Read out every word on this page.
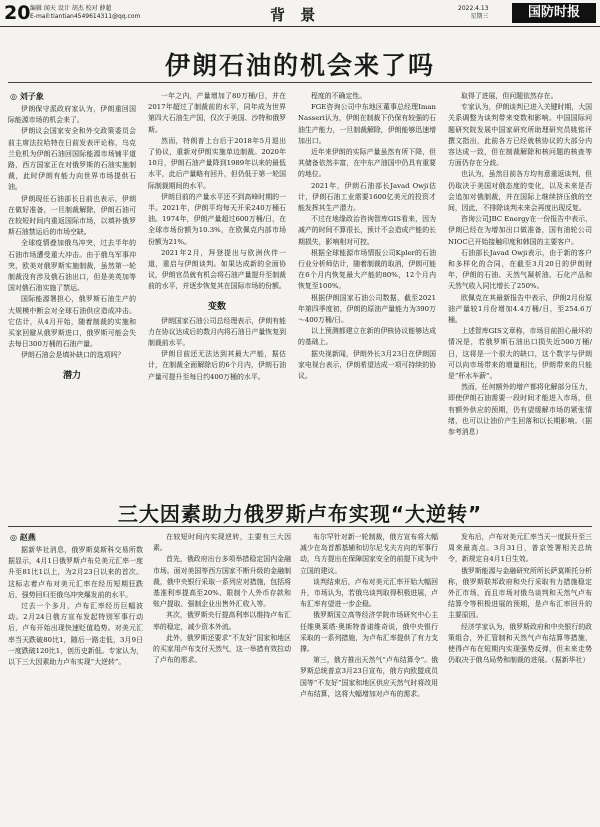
20 编辑 闻天 设计 胡杰 校对 薛超
E-mail:tiantian4549614311@qq.com	背 景	2022.4.13
星期三	国防时报
伊朗石油的机会来了吗
◎ 刘子象

伊朗保守派政府家认为，伊朗重回国际能源市场的机会来了。

伊朗议会国家安全和外交政策委员会前主席法拉哈特在日前发表评论称，乌克兰危机为伊朗石油回国际能源市场铺平道路，西方国家正在对俄罗斯的石油实施制裁，此时伊朗有能力向世界市场提供石油。

伊朗现任石油部长日前也表示，伊朗在做好准备，一旦制裁解除，伊朗石油可在较短时间内重返国际市场，以填补俄罗斯石油禁运后的市场空缺。

全球疫情叠加俄乌冲突，过去半年的石油市场遭受重大冲击。由于俄乌军事冲突，欧美对俄罗斯实施制裁，虽然第一轮制裁没有涉及俄石油出口，但是美英加等国对俄石油实施了禁运。

国际能源署担心，俄罗斯石油生产的大规模中断会对全球石油供应造成冲击。它估计，从4月开始，随着制裁的实施和买家回避从俄罗斯进口，俄罗斯可能会失去每日300万桶的石油产量。

伊朗石油会是填补缺口的选项吗？

潜力

一年之内，产量增加了80万桶/日，并在2017年超过了制裁前的水平，同年成为世界第四大石油生产国，仅次于美国、沙特和俄罗斯。

然而，特朗普上台后于2018年5月退出了协议，重新对伊朗实施单边制裁。2020年10月，伊朗石油产量降到1989年以来的最低水平，此后产量略有回升，但仍低于第一轮国际制裁期间的水平。

伊朗目前的产量水平还不到高峰时期的一半。2021年，伊朗平均每天开采240万桶石油。1974年，伊朗产量超过600万桶/日，在全球市场份额为10.3%，在欧佩克内部市场份额为21%。

2021年2月，拜登提出与欧洲伙伴一道，重启与伊朗谈判。如果达成新的全面协议，伊朗官员就有机会将石油产量提升至制裁前的水平，并逐步恢复其在国际市场的份额。

变数

伊朗国家石油公司总经理表示，伊朗有能力在协议达成后的数月内将石油日产量恢复到制裁前水平。

伊朗目前还无法达到其最大产能，据估计，在制裁全面解除后的6个月内，伊朗石油产量可提升至每日约400万桶的水平。

程度的不确定性。

FGE咨询公司中东地区董事总经理Iman Nasseri认为，伊朗在制裁下仍保有较强的石油生产能力，一旦制裁解除，伊朗能够迅速增加出口。

近年来伊朗的实际产量虽然有所下降，但其储备依然丰富，在中东产油国中仍具有重要的地位。

2021年，伊朗石油部长Javad Owji估计，伊朗石油工业需要1600亿美元的投资才能发挥其生产潜力。

不过在地缘政治咨询智库GIS看来，因为减产的时间不算很长，预计不会造成产能的长期损失，影响相对可控。

根据全球能源市场情报公司Kpler的石油行业分析师估计，随着制裁的取消，伊朗可能在6个月内恢复最大产能的80%，12个月内恢复至100%。

根据伊朗国家石油公司数据，截至2021年第四季度初，伊朗的原油产量能力为390万～400万桶/日。

以上预测都建立在新的伊核协议能够达成的基础上。

据央视新闻，伊朗外长3月23日在伊朗国家电视台表示，伊朗希望达成一项可持续的协议。

取得了进展，但问题依然存在。

专家认为，伊朗谈判已进入关键时期，大国关系调整为谈判带来变数和影响。中国国际问题研究院发展中国家研究所助理研究员姚铭评撰文指出，此前各方已经就核协议的大部分内容达成一致，但在制裁解除和核问题的核查等方面仍存在分歧。

也认为，虽然目前各方均有意重返谈判，但仍取决于美国对俄态度的变化，以及未来是否会追加对俄制裁，并在国际上继续挤压俄的空间，因此，不排除谈判未来会再度出现反复。

咨询公司JBC Energy在一份报告中表示，伊朗已经在为增加出口做准备，国有油轮公司NIOC已开始接触印度和韩国的主要客户。

石油部长Javad Owji表示，由于新的客户和多样化的合同，在截至3月20日的伊朗财年，伊朗的石油、天然气凝析油、石化产品和天然气收入同比增长了250%。

欧佩克在其最新报告中表示，伊朗2月份原油产量较1月份增加4.4万桶/日，至254.6万桶。

上述智库GIS文章称，市场目前担心最坏的情况是，若俄罗斯石油出口损失近500万桶/日，这将是一个很大的缺口，这个数字与伊朗可以向市场带来的增量相比，伊朗带来的只能是“杯水车薪”。

然而，任何额外的增产都将化解部分压力，即使伊朗石油需要一段时间才能进入市场，但有额外供应的预期，仍有望缓解市场的紧张情绪，也可以让油价产生回落和以长期影响。（据参考消息）

三大因素助力俄罗斯卢布实现“大逆转”
◎ 赵燕

据新华社消息，俄罗斯莫斯科交易所数据显示，4月1日俄罗斯卢布兑美元汇率一度升至81比1以上，为2月23日以来的首次。这标志着卢布对美元汇率在经历短期狂跌后，强势回归至俄乌冲突爆发前的水平。

过去一个多月，卢布汇率经历巨幅波动。2月24日俄方宣布发起特别军事行动后，卢布开始出现快速贬值趋势。对美元汇率当天跌破80比1，随后一路走低，3月9日一度跌破120比1，创历史新低。专家认为，以下三大因素助力卢布实现“大逆转”。

在较短时间内实现逆转，主要有三大因素。

首先，俄政府出台多项举措稳定国内金融市场。面对美国等西方国家不断升级的金融制裁，俄中央银行采取一系列应对措施，包括将基准利率提高至20%、限制个人外币存款和账户提取、强制企业出售外汇收入等。

其次，俄罗斯央行提高利率以维持卢布汇率的稳定，减少资本外流。

此外，俄罗斯还要求“不友好”国家和地区的买家用卢布支付天然气，这一举措有效拉动了卢布的需求。

布尔罕针对新一轮制裁，俄方宣布将大幅减少在岛首都基辅和切尔尼戈夫方向的军事行动，乌方提出在保障国家安全的前提下成为中立国的建议。

谈判结束后，卢布对美元汇率开始大幅回升，市场认为，若俄乌谈判取得积极进展，卢布汇率有望进一步企稳。

俄罗斯国立高等经济学院市场研究中心主任维奥莱塔·奥斯特普诺维奇说，俄中央银行采取的一系列措施，为卢布汇率提供了有力支撑。

第三，俄方推出天然气“卢布结算令”。俄罗斯总统普京3月23日宣布，俄方向欧盟成员国等“不友好”国家和地区供应天然气时将改用卢布结算，这将大幅增加对卢布的需求。

发布后，卢布对美元汇率当天一度跃升至三周来最高点。3月31日，普京签署相关总统令，新规定自4月1日生效。

俄罗斯能源与金融研究所所长萨莫斯托分析称，俄罗斯联邦政府和央行采取有力措施稳定外汇市场，而且市场对俄乌谈判和天然气卢布结算令等积极进展的预期，是卢布汇率回升的主要原因。

经济学家认为，俄罗斯政府和中央银行的政策组合，外汇管制和天然气卢布结算等措施，使得卢布在短期内实现强势反弹，但未来走势仍取决于俄乌局势和制裁的进展。（据新华社）
